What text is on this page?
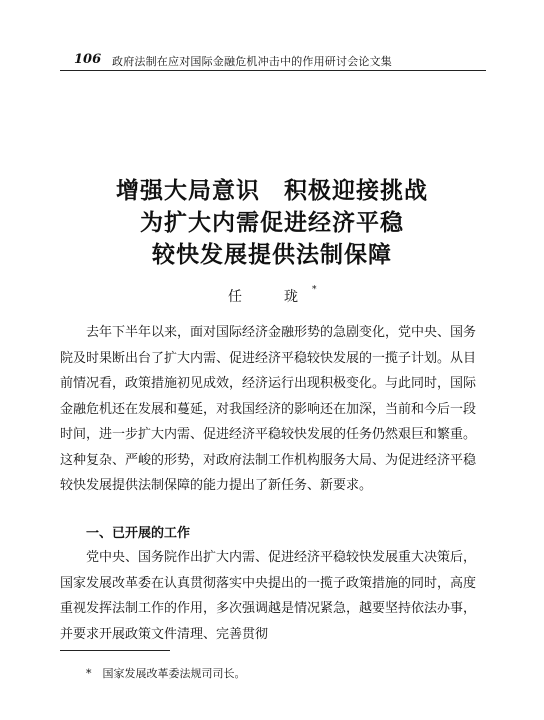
106 政府法制在应对国际金融危机冲击中的作用研讨会论文集
增强大局意识　积极迎接挑战
为扩大内需促进经济平稳
较快发展提供法制保障
任　珑*
去年下半年以来，面对国际经济金融形势的急剧变化，党中央、国务院及时果断出台了扩大内需、促进经济平稳较快发展的一揽子计划。从目前情况看，政策措施初见成效，经济运行出现积极变化。与此同时，国际金融危机还在发展和蔓延，对我国经济的影响还在加深，当前和今后一段时间，进一步扩大内需、促进经济平稳较快发展的任务仍然艰巨和繁重。这种复杂、严峻的形势，对政府法制工作机构服务大局、为促进经济平稳较快发展提供法制保障的能力提出了新任务、新要求。
一、已开展的工作
党中央、国务院作出扩大内需、促进经济平稳较快发展重大决策后，国家发展改革委在认真贯彻落实中央提出的一揽子政策措施的同时，高度重视发挥法制工作的作用，多次强调越是情况紧急，越要坚持依法办事，并要求开展政策文件清理、完善贯彻
*　国家发展改革委法规司司长。
